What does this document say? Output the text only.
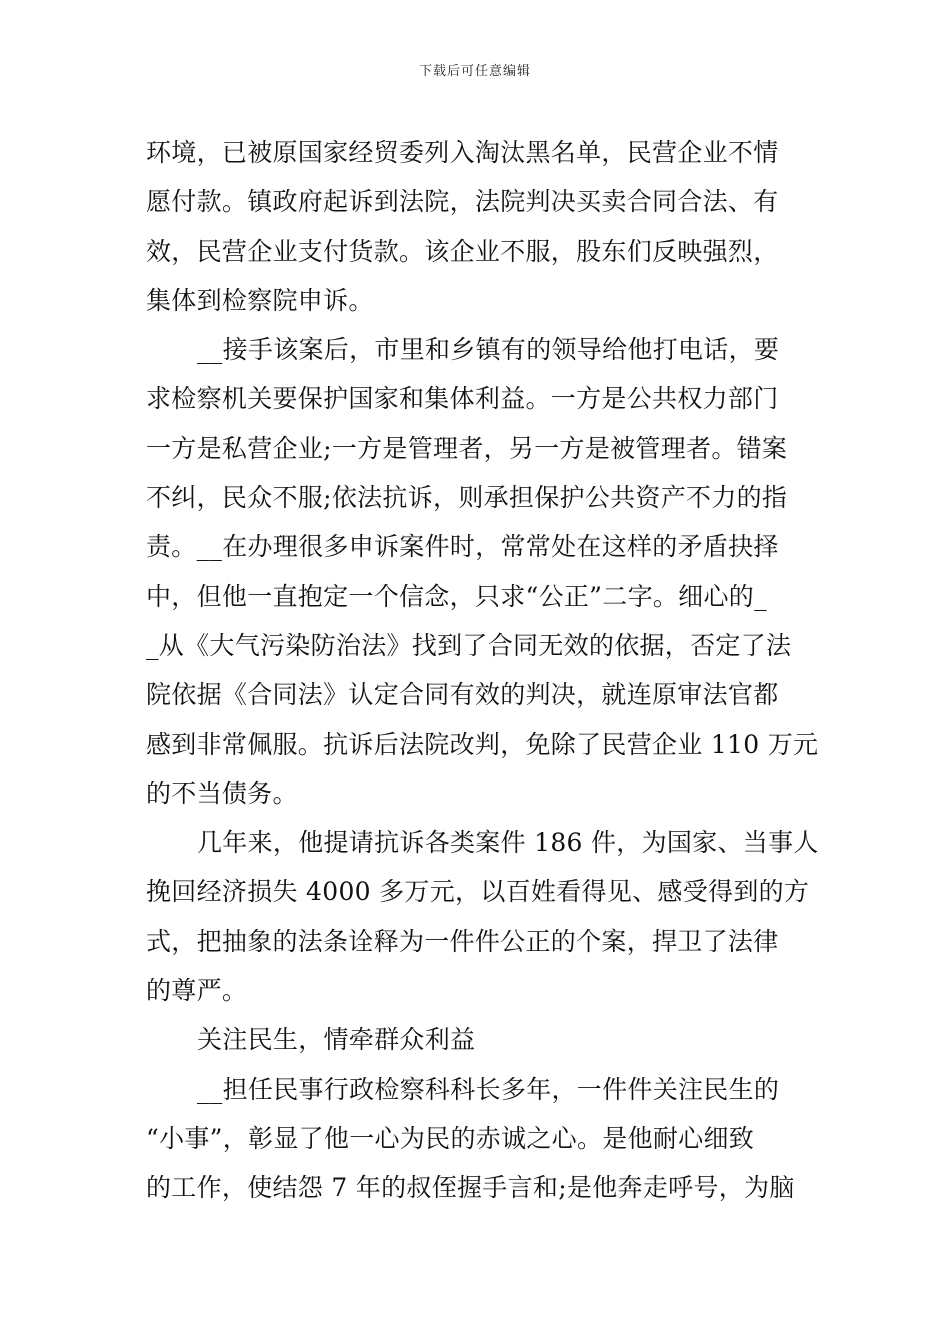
下载后可任意编辑
环境，已被原国家经贸委列入淘汰黑名单，民营企业不情
愿付款。镇政府起诉到法院，法院判决买卖合同合法、有
效，民营企业支付货款。该企业不服，股东们反映强烈，
集体到检察院申诉。
__接手该案后，市里和乡镇有的领导给他打电话，要
求检察机关要保护国家和集体利益。一方是公共权力部门
一方是私营企业;一方是管理者，另一方是被管理者。错案
不纠，民众不服;依法抗诉，则承担保护公共资产不力的指
责。__在办理很多申诉案件时，常常处在这样的矛盾抉择
中，但他一直抱定一个信念，只求“公正”二字。细心的_
_从《大气污染防治法》找到了合同无效的依据，否定了法
院依据《合同法》认定合同有效的判决，就连原审法官都
感到非常佩服。抗诉后法院改判，免除了民营企业 110 万元
的不当债务。
几年来，他提请抗诉各类案件 186 件，为国家、当事人
挽回经济损失 4000 多万元，以百姓看得见、感受得到的方
式，把抽象的法条诠释为一件件公正的个案，捍卫了法律
的尊严。
关注民生，情牵群众利益
__担任民事行政检察科科长多年，一件件关注民生的
“小事”，彰显了他一心为民的赤诚之心。是他耐心细致
的工作，使结怨 7 年的叔侄握手言和;是他奔走呼号，为脑
